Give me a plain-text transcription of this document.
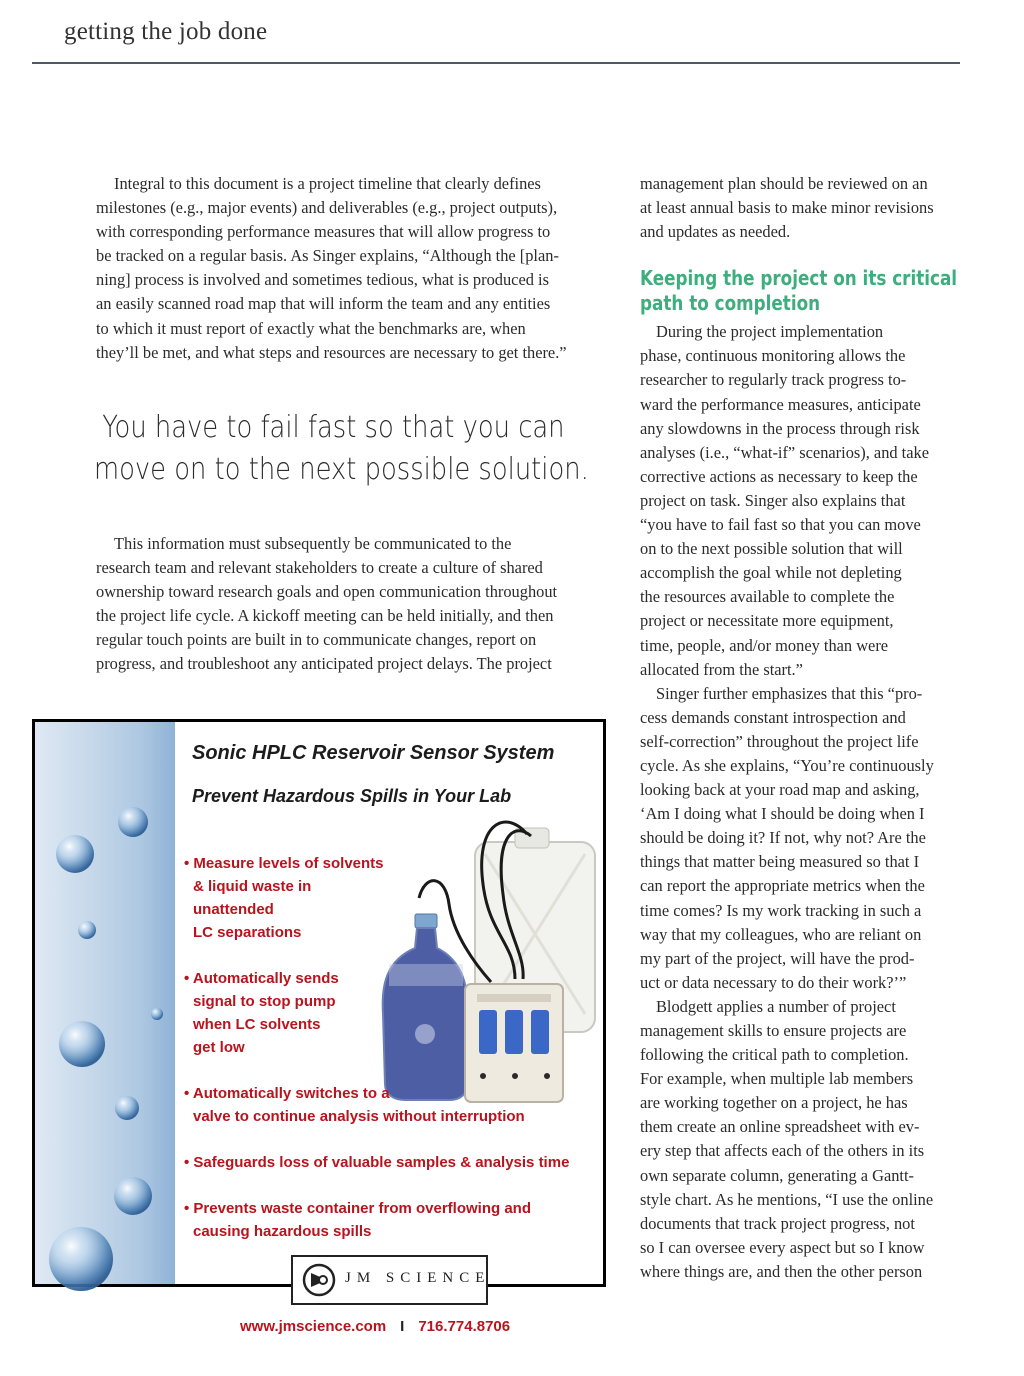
getting the job done

Integral to this document is a project timeline that clearly defines
milestones (e.g., major events) and deliverables (e.g., project outputs),
with corresponding performance measures that will allow progress to
be tracked on a regular basis. As Singer explains, “Although the [plan-
ning] process is involved and sometimes tedious, what is produced is
an easily scanned road map that will inform the team and any entities
to which it must report of exactly what the benchmarks are, when
they’ll be met, and what steps and resources are necessary to get there.”

You have to fail fast so that you can
move on to the next possible solution.

This information must subsequently be communicated to the
research team and relevant stakeholders to create a culture of shared
ownership toward research goals and open communication throughout
the project life cycle. A kickoff meeting can be held initially, and then
regular touch points are built in to communicate changes, report on
progress, and troubleshoot any anticipated project delays. The project

management plan should be reviewed on an
at least annual basis to make minor revisions
and updates as needed.

Keeping the project on its critical
path to completion

During the project implementation
phase, continuous monitoring allows the
researcher to regularly track progress to-
ward the performance measures, anticipate
any slowdowns in the process through risk
analyses (i.e., “what-if” scenarios), and take
corrective actions as necessary to keep the
project on task. Singer also explains that
“you have to fail fast so that you can move
on to the next possible solution that will
accomplish the goal while not depleting
the resources available to complete the
project or necessitate more equipment,
time, people, and/or money than were
allocated from the start.”

Singer further emphasizes that this “pro-
cess demands constant introspection and
self-correction” throughout the project life
cycle. As she explains, “You’re continuously
looking back at your road map and asking,
‘Am I doing what I should be doing when I
should be doing it? If not, why not? Are the
things that matter being measured so that I
can report the appropriate metrics when the
time comes? Is my work tracking in such a
way that my colleagues, who are reliant on
my part of the project, will have the prod-
uct or data necessary to do their work?’”

Blodgett applies a number of project
management skills to ensure projects are
following the critical path to completion.
For example, when multiple lab members
are working together on a project, he has
them create an online spreadsheet with ev-
ery step that affects each of the others in its
own separate column, generating a Gantt-
style chart. As he mentions, “I use the online
documents that track project progress, not
so I can oversee every aspect but so I know
where things are, and then the other person

Sonic HPLC Reservoir Sensor System
Prevent Hazardous Spills in Your Lab
• Measure levels of solvents
& liquid waste in
unattended
LC separations
• Automatically sends
signal to stop pump
when LC solvents
get low
• Automatically switches to a
valve to continue analysis without interruption
• Safeguards loss of valuable samples & analysis time
• Prevents waste container from overflowing and
causing hazardous spills
JM SCIENCE
www.jmscience.com I 716.774.8706
